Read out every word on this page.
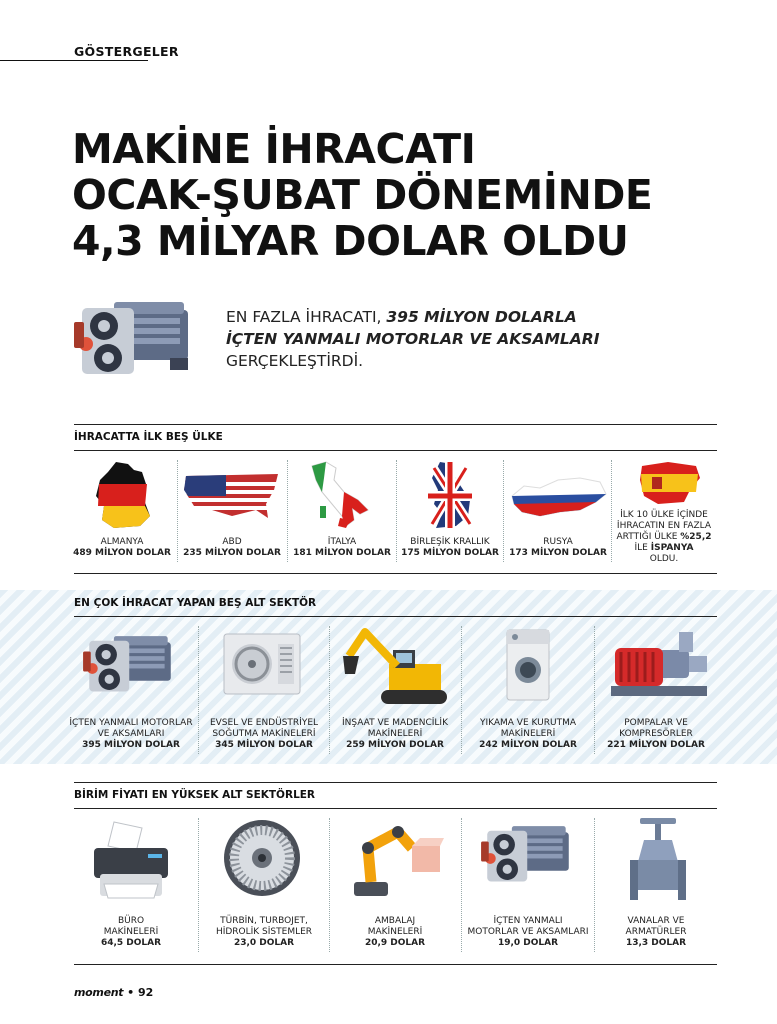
GÖSTERGELER
MAKİNE İHRACATI
OCAK-ŞUBAT DÖNEMİNDE
4,3 MİLYAR DOLAR OLDU
EN FAZLA İHRACATI, 395 MİLYON DOLARLA
İÇTEN YANMALI MOTORLAR VE AKSAMLARI
GERÇEKLEŞTİRDİ.
İHRACATTA İLK BEŞ ÜLKE
ALMANYA
489 MİLYON DOLAR
ABD
235 MİLYON DOLAR
İTALYA
181 MİLYON DOLAR
BİRLEŞİK KRALLIK
175 MİLYON DOLAR
RUSYA
173 MİLYON DOLAR
İLK 10 ÜLKE İÇİNDE
İHRACATIN EN FAZLA
ARTTIĞI ÜLKE %25,2
İLE İSPANYA
OLDU.
EN ÇOK İHRACAT YAPAN BEŞ ALT SEKTÖR
İÇTEN YANMALI MOTORLAR
VE AKSAMLARI
395 MİLYON DOLAR
EVSEL VE ENDÜSTRİYEL
SOĞUTMA MAKİNELERİ
345 MİLYON DOLAR
İNŞAAT VE MADENCİLİK
MAKİNELERİ
259 MİLYON DOLAR
YIKAMA VE KURUTMA
MAKİNELERİ
242 MİLYON DOLAR
POMPALAR VE
KOMPRESÖRLER
221 MİLYON DOLAR
BİRİM FİYATI EN YÜKSEK ALT SEKTÖRLER
BÜRO
MAKİNELERİ
64,5 DOLAR
TÜRBİN, TURBOJET,
HİDROLİK SİSTEMLER
23,0 DOLAR
AMBALAJ
MAKİNELERİ
20,9 DOLAR
İÇTEN YANMALI
MOTORLAR VE AKSAMLARI
19,0 DOLAR
VANALAR VE
ARMATÜRLER
13,3 DOLAR
moment • 92
